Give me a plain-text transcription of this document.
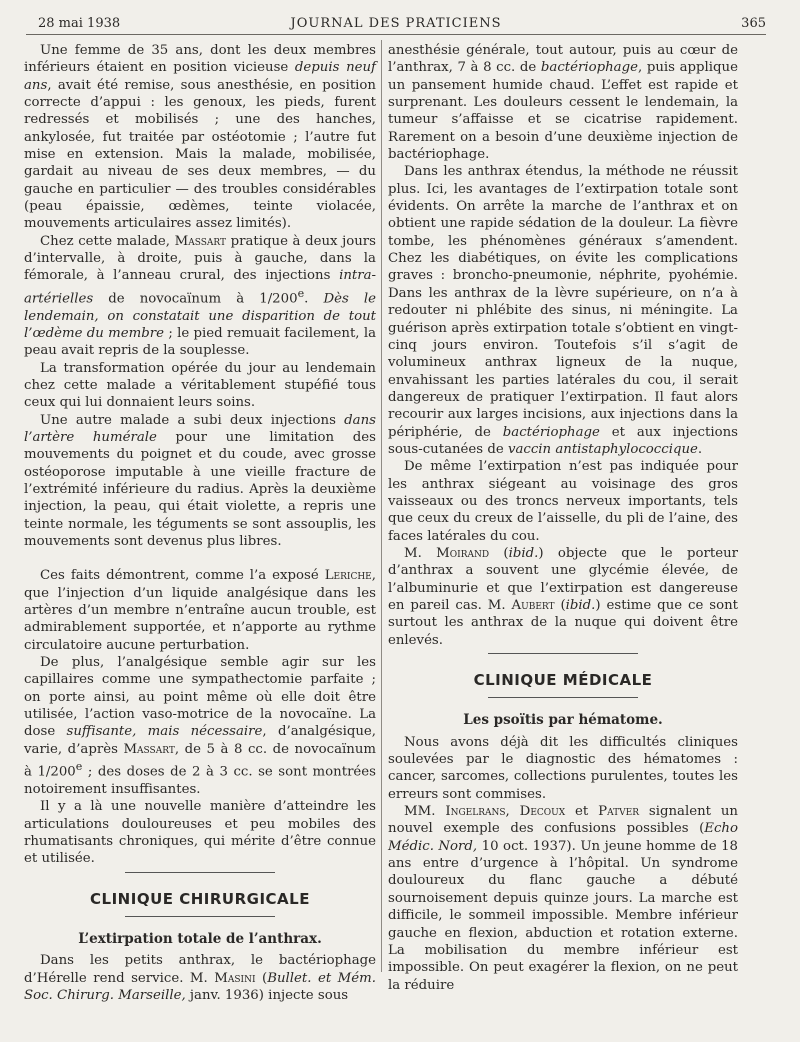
28 mai 1938	JOURNAL DES PRATICIENS	365

Une femme de 35 ans, dont les deux membres inférieurs étaient en position vicieuse depuis neuf ans, avait été remise, sous anesthésie, en position correcte d’appui : les genoux, les pieds, furent redressés et mobilisés ; une des hanches, ankylosée, fut traitée par ostéotomie ; l’autre fut mise en extension. Mais la malade, mobilisée, gardait au niveau de ses deux membres, — du gauche en particulier — des troubles considérables (peau épaissie, œdèmes, teinte violacée, mouvements articulaires assez limités).

Chez cette malade, Massart pratique à deux jours d’intervalle, à droite, puis à gauche, dans la fémorale, à l’anneau crural, des injections intra-artérielles de novocaïnum à 1/200e. Dès le lendemain, on constatait une disparition de tout l’œdème du membre ; le pied remuait facilement, la peau avait repris de la souplesse.

La transformation opérée du jour au lendemain chez cette malade a véritablement stupéfié tous ceux qui lui donnaient leurs soins.

Une autre malade a subi deux injections dans l’artère humérale pour une limitation des mouvements du poignet et du coude, avec grosse ostéoporose imputable à une vieille fracture de l’extrémité inférieure du radius. Après la deuxième injection, la peau, qui était violette, a repris une teinte normale, les téguments se sont assouplis, les mouvements sont devenus plus libres.

Ces faits démontrent, comme l’a exposé Leriche, que l’injection d’un liquide analgésique dans les artères d’un membre n’entraîne aucun trouble, est admirablement supportée, et n’apporte au rythme circulatoire aucune perturbation.

De plus, l’analgésique semble agir sur les capillaires comme une sympathectomie parfaite ; on porte ainsi, au point même où elle doit être utilisée, l’action vaso-motrice de la novocaïne. La dose suffisante, mais nécessaire, d’analgésique, varie, d’après Massart, de 5 à 8 cc. de novocaïnum à 1/200e ; des doses de 2 à 3 cc. se sont montrées notoirement insuffisantes.

Il y a là une nouvelle manière d’atteindre les articulations douloureuses et peu mobiles des rhumatisants chroniques, qui mérite d’être connue et utilisée.

CLINIQUE CHIRURGICALE

L’extirpation totale de l’anthrax.

Dans les petits anthrax, le bactériophage d’Hérelle rend service. M. Masini (Bullet. et Mém. Soc. Chirurg. Marseille, janv. 1936) injecte sous

anesthésie générale, tout autour, puis au cœur de l’anthrax, 7 à 8 cc. de bactériophage, puis applique un pansement humide chaud. L’effet est rapide et surprenant. Les douleurs cessent le lendemain, la tumeur s’affaisse et se cicatrise rapidement. Rarement on a besoin d’une deuxième injection de bactériophage.

Dans les anthrax étendus, la méthode ne réussit plus. Ici, les avantages de l’extirpation totale sont évidents. On arrête la marche de l’anthrax et on obtient une rapide sédation de la douleur. La fièvre tombe, les phénomènes généraux s’amendent. Chez les diabétiques, on évite les complications graves : broncho-pneumonie, néphrite, pyohémie. Dans les anthrax de la lèvre supérieure, on n’a à redouter ni phlébite des sinus, ni méningite. La guérison après extirpation totale s’obtient en vingt-cinq jours environ. Toutefois s’il s’agit de volumineux anthrax ligneux de la nuque, envahissant les parties latérales du cou, il serait dangereux de pratiquer l’extirpation. Il faut alors recourir aux larges incisions, aux injections dans la périphérie, de bactériophage et aux injections sous-cutanées de vaccin antistaphylococcique.

De même l’extirpation n’est pas indiquée pour les anthrax siégeant au voisinage des gros vaisseaux ou des troncs nerveux importants, tels que ceux du creux de l’aisselle, du pli de l’aine, des faces latérales du cou.

M. Moirand (ibid.) objecte que le porteur d’anthrax a souvent une glycémie élevée, de l’albuminurie et que l’extirpation est dangereuse en pareil cas. M. Aubert (ibid.) estime que ce sont surtout les anthrax de la nuque qui doivent être enlevés.

CLINIQUE MÉDICALE

Les psoïtis par hématome.

Nous avons déjà dit les difficultés cliniques soulevées par le diagnostic des hématomes : cancer, sarcomes, collections purulentes, toutes les erreurs sont commises.

MM. Ingelrans, Decoux et Patver signalent un nouvel exemple des confusions possibles (Echo Médic. Nord, 10 oct. 1937). Un jeune homme de 18 ans entre d’urgence à l’hôpital. Un syndrome douloureux du flanc gauche a débuté sournoisement depuis quinze jours. La marche est difficile, le sommeil impossible. Membre inférieur gauche en flexion, abduction et rotation externe. La mobilisation du membre inférieur est impossible. On peut exagérer la flexion, on ne peut la réduire
